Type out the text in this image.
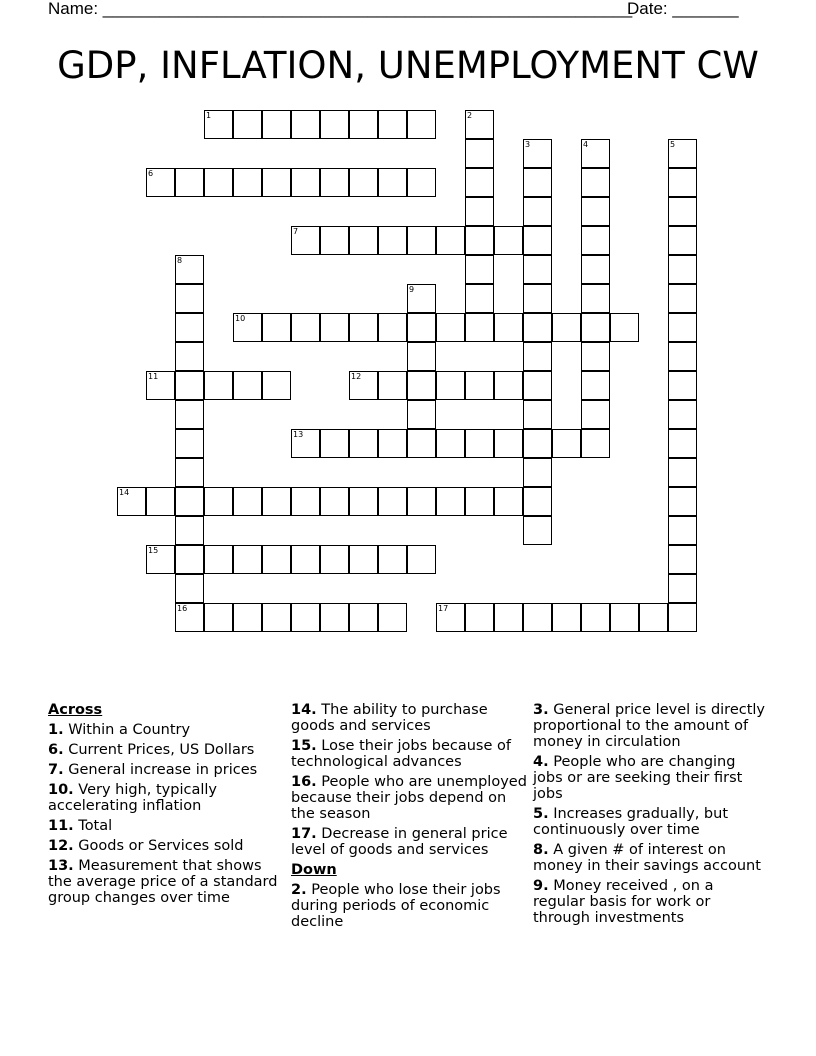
Name: ________________________________________________________
Date: _______
GDP, INFLATION, UNEMPLOYMENT CW
1	2
3	4	5
6
7
8
16
9
10
11	12
13
14
15
17
Across
1. Within a Country
6. Current Prices, US Dollars
7. General increase in prices
10. Very high, typically accelerating inflation
11. Total
12. Goods or Services sold
13. Measurement that shows the average price of a standard group changes over time
14. The ability to purchase goods and services
15. Lose their jobs because of technological advances
16. People who are unemployed because their jobs depend on the season
17. Decrease in general price level of goods and services
Down
2. People who lose their jobs during periods of economic decline
3. General price level is directly proportional to the amount of money in circulation
4. People who are changing jobs or are seeking their first jobs
5. Increases gradually, but continuously over time
8. A given # of interest on money in their savings account
9. Money received , on a regular basis for work or through investments
